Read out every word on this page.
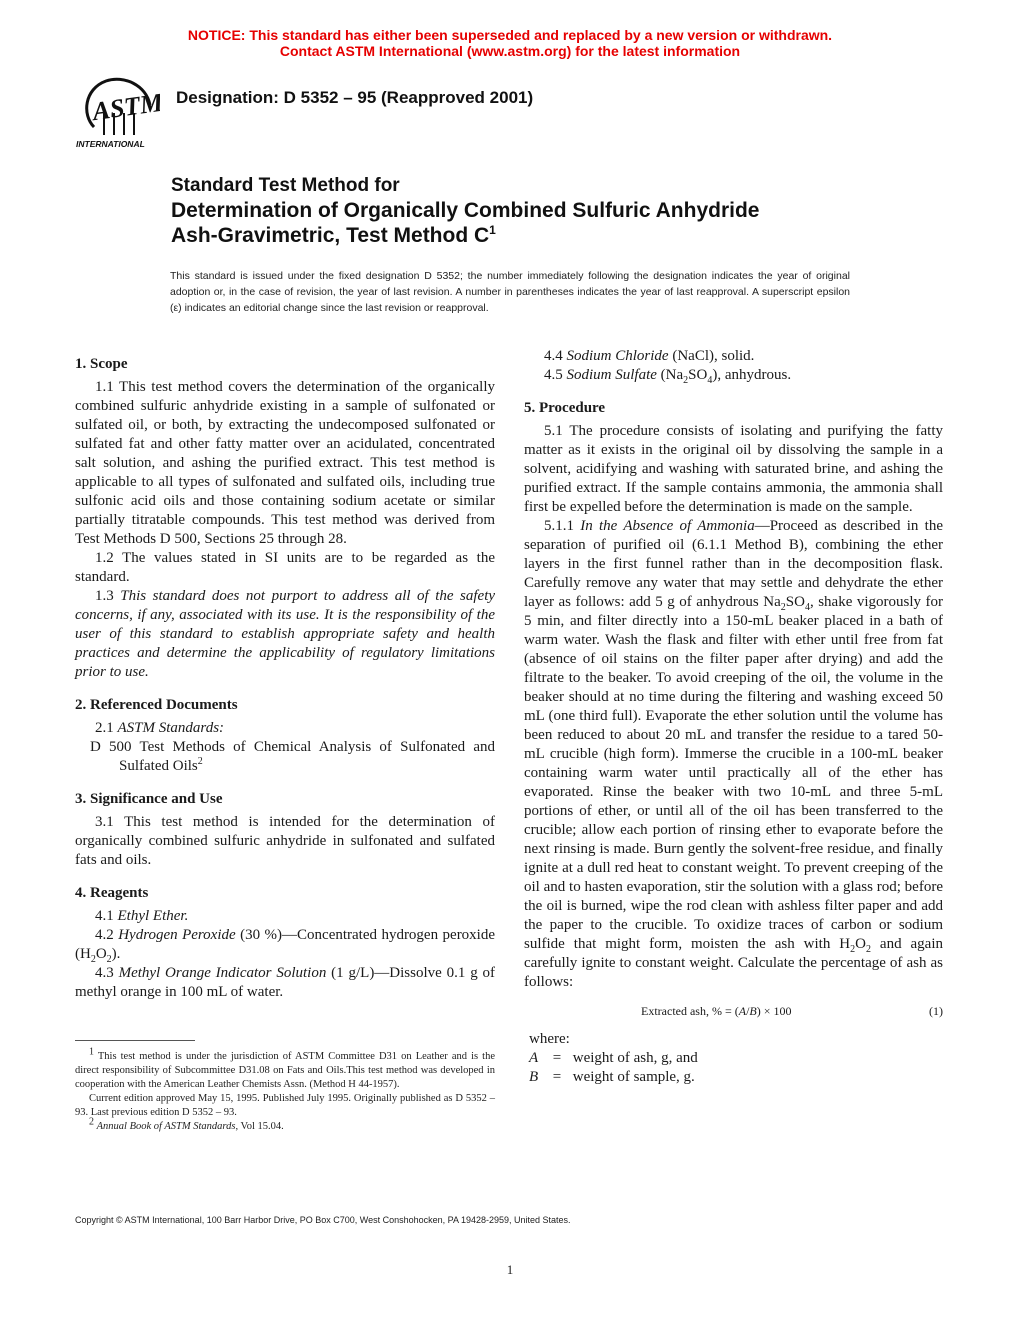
NOTICE: This standard has either been superseded and replaced by a new version or withdrawn.
Contact ASTM International (www.astm.org) for the latest information
ASTM
INTERNATIONAL
Designation: D 5352 – 95 (Reapproved 2001)
Standard Test Method for
Determination of Organically Combined Sulfuric Anhydride
Ash-Gravimetric, Test Method $C^1$
This standard is issued under the fixed designation D 5352; the number immediately following the designation indicates the year of original adoption or, in the case of revision, the year of last revision. A number in parentheses indicates the year of last reapproval. A superscript epsilon (ε) indicates an editorial change since the last revision or reapproval.
1. Scope

1.1 This test method covers the determination of the organically combined sulfuric anhydride existing in a sample of sulfonated or sulfated oil, or both, by extracting the undecomposed sulfonated or sulfated fat and other fatty matter over an acidulated, concentrated salt solution, and ashing the purified extract. This test method is applicable to all types of sulfonated and sulfated oils, including true sulfonic acid oils and those containing sodium acetate or similar partially titratable compounds. This test method was derived from Test Methods D 500, Sections 25 through 28.

1.2 The values stated in SI units are to be regarded as the standard.

1.3 This standard does not purport to address all of the safety concerns, if any, associated with its use. It is the responsibility of the user of this standard to establish appropriate safety and health practices and determine the applicability of regulatory limitations prior to use.

2. Referenced Documents

2.1 ASTM Standards:

D 500 Test Methods of Chemical Analysis of Sulfonated and Sulfated Oils$^2$

3. Significance and Use

3.1 This test method is intended for the determination of organically combined sulfuric anhydride in sulfonated and sulfated fats and oils.

4. Reagents

4.1 Ethyl Ether.

4.2 Hydrogen Peroxide (30 %)—Concentrated hydrogen peroxide $(H_2O_2)$.

4.3 Methyl Orange Indicator Solution (1 g/L)—Dissolve 0.1 g of methyl orange in 100 mL of water.

$^1$ This test method is under the jurisdiction of ASTM Committee D31 on Leather and is the direct responsibility of Subcommittee D31.08 on Fats and Oils.This test method was developed in cooperation with the American Leather Chemists Assn. (Method H 44-1957).

Current edition approved May 15, 1995. Published July 1995. Originally published as D 5352 – 93. Last previous edition D 5352 – 93.

$^2$ Annual Book of ASTM Standards, Vol 15.04.

4.4 Sodium Chloride (NaCl), solid.

4.5 Sodium Sulfate $(Na_2SO_4)$, anhydrous.

5. Procedure

5.1 The procedure consists of isolating and purifying the fatty matter as it exists in the original oil by dissolving the sample in a solvent, acidifying and washing with saturated brine, and ashing the purified extract. If the sample contains ammonia, the ammonia shall first be expelled before the determination is made on the sample.

5.1.1 In the Absence of Ammonia—Proceed as described in the separation of purified oil (6.1.1 Method B), combining the ether layers in the first funnel rather than in the decomposition flask. Carefully remove any water that may settle and dehydrate the ether layer as follows: add 5 g of anhydrous $Na_2SO_4$, shake vigorously for 5 min, and filter directly into a 150-mL beaker placed in a bath of warm water. Wash the flask and filter with ether until free from fat (absence of oil stains on the filter paper after drying) and add the filtrate to the beaker. To avoid creeping of the oil, the volume in the beaker should at no time during the filtering and washing exceed 50 mL (one third full). Evaporate the ether solution until the volume has been reduced to about 20 mL and transfer the residue to a tared 50-mL crucible (high form). Immerse the crucible in a 100-mL beaker containing warm water until practically all of the ether has evaporated. Rinse the beaker with two 10-mL and three 5-mL portions of ether, or until all of the oil has been transferred to the crucible; allow each portion of rinsing ether to evaporate before the next rinsing is made. Burn gently the solvent-free residue, and finally ignite at a dull red heat to constant weight. To prevent creeping of the oil and to hasten evaporation, stir the solution with a glass rod; before the oil is burned, wipe the rod clean with ashless filter paper and add the paper to the crucible. To oxidize traces of carbon or sodium sulfide that might form, moisten the ash with $H_2O_2$ and again carefully ignite to constant weight. Calculate the percentage of ash as follows:

Extracted ash, % = (A/B) × 100	(1)

where:

A = weight of ash, g, and

B = weight of sample, g.

Copyright © ASTM International, 100 Barr Harbor Drive, PO Box C700, West Conshohocken, PA 19428-2959, United States.
1
